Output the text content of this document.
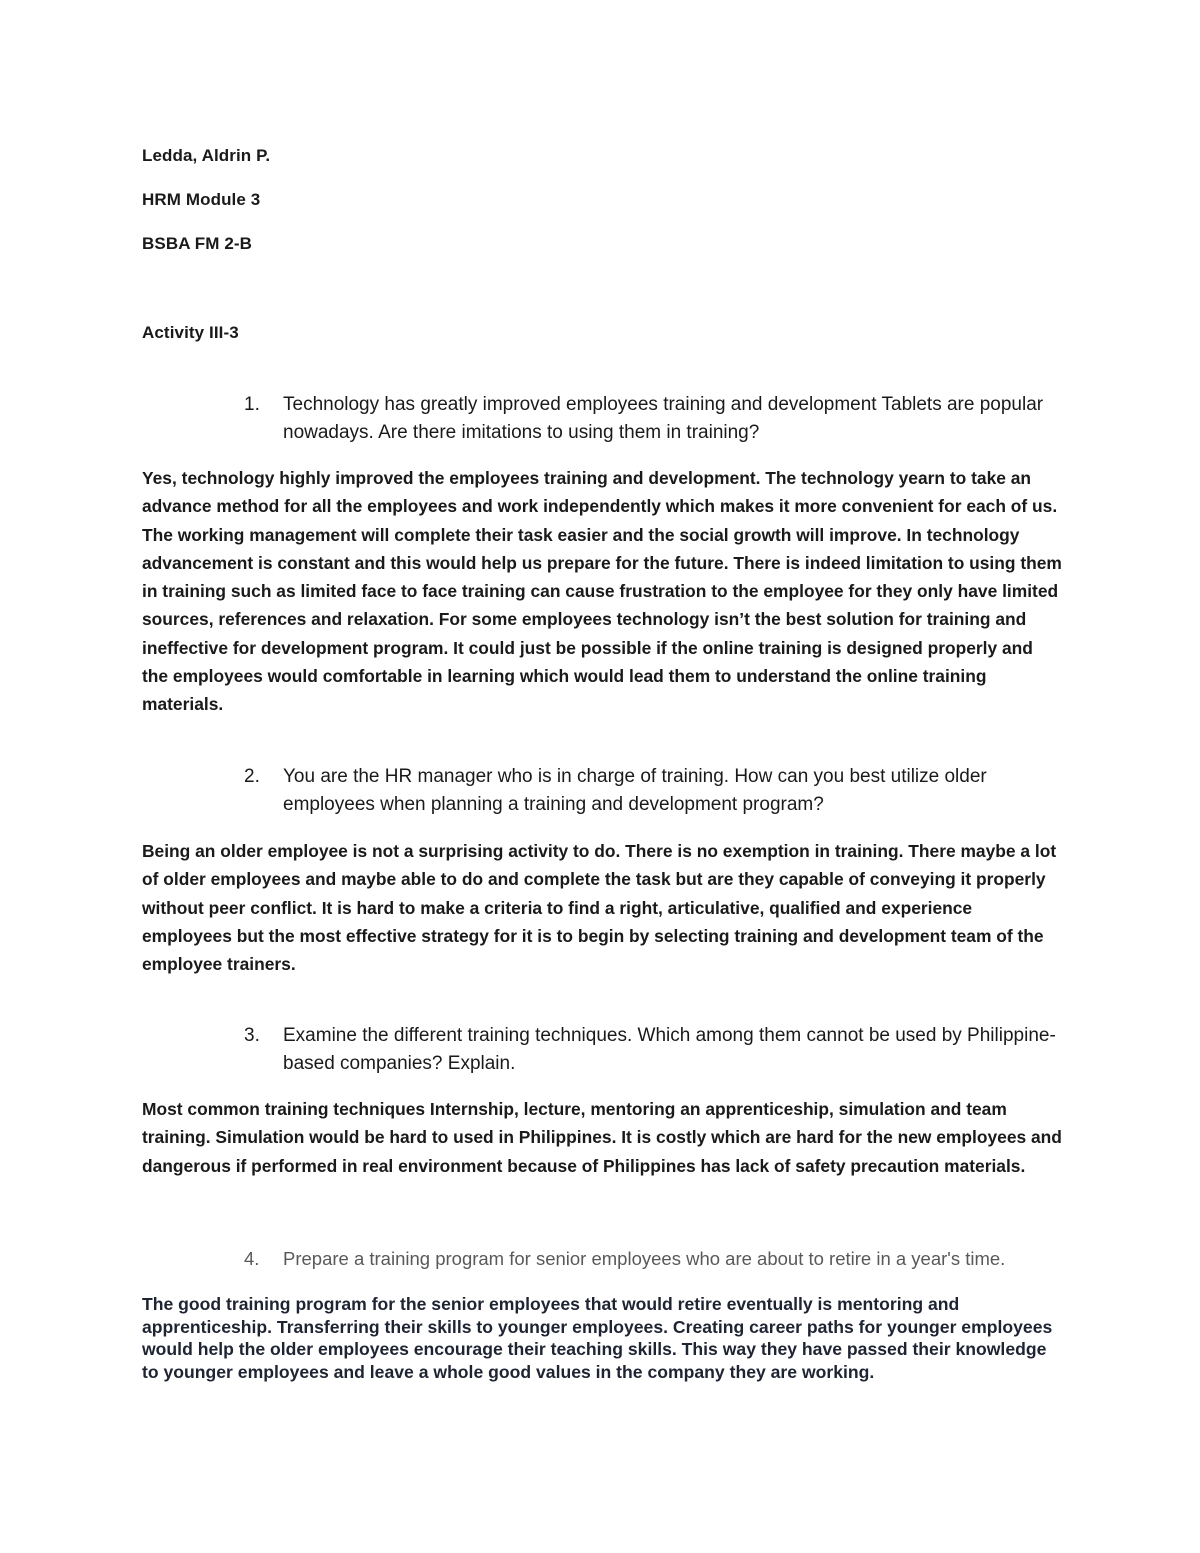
Ledda, Aldrin P.
HRM Module 3
BSBA FM 2-B
Activity III-3
1. Technology has greatly improved employees training and development Tablets are popular nowadays. Are there imitations to using them in training?
Yes, technology highly improved the employees training and development. The technology yearn to take an advance method for all the employees and work independently which makes it more convenient for each of us. The working management will complete their task easier and the social growth will improve. In technology advancement is constant and this would help us prepare for the future. There is indeed limitation to using them in training such as limited face to face training can cause frustration to the employee for they only have limited sources, references and relaxation. For some employees technology isn’t the best solution for training and ineffective for development program. It could just be possible if the online training is designed properly and the employees would comfortable in learning which would lead them to understand the online training materials.
2. You are the HR manager who is in charge of training. How can you best utilize older employees when planning a training and development program?
Being an older employee is not a surprising activity to do. There is no exemption in training. There maybe a lot of older employees and maybe able to do and complete the task but are they capable of conveying it properly without peer conflict. It is hard to make a criteria to find a right, articulative, qualified and experience employees but the most effective strategy for it is to begin by selecting training and development team of the employee trainers.
3. Examine the different training techniques. Which among them cannot be used by Philippine-based companies? Explain.
Most common training techniques Internship, lecture, mentoring an apprenticeship, simulation and team training. Simulation would be hard to used in Philippines. It is costly which are hard for the new employees and dangerous if performed in real environment because of Philippines has lack of safety precaution materials.
4. Prepare a training program for senior employees who are about to retire in a year's time.
The good training program for the senior employees that would retire eventually is mentoring and apprenticeship. Transferring their skills to younger employees. Creating career paths for younger employees would help the older employees encourage their teaching skills. This way they have passed their knowledge to younger employees and leave a whole good values in the company they are working.
